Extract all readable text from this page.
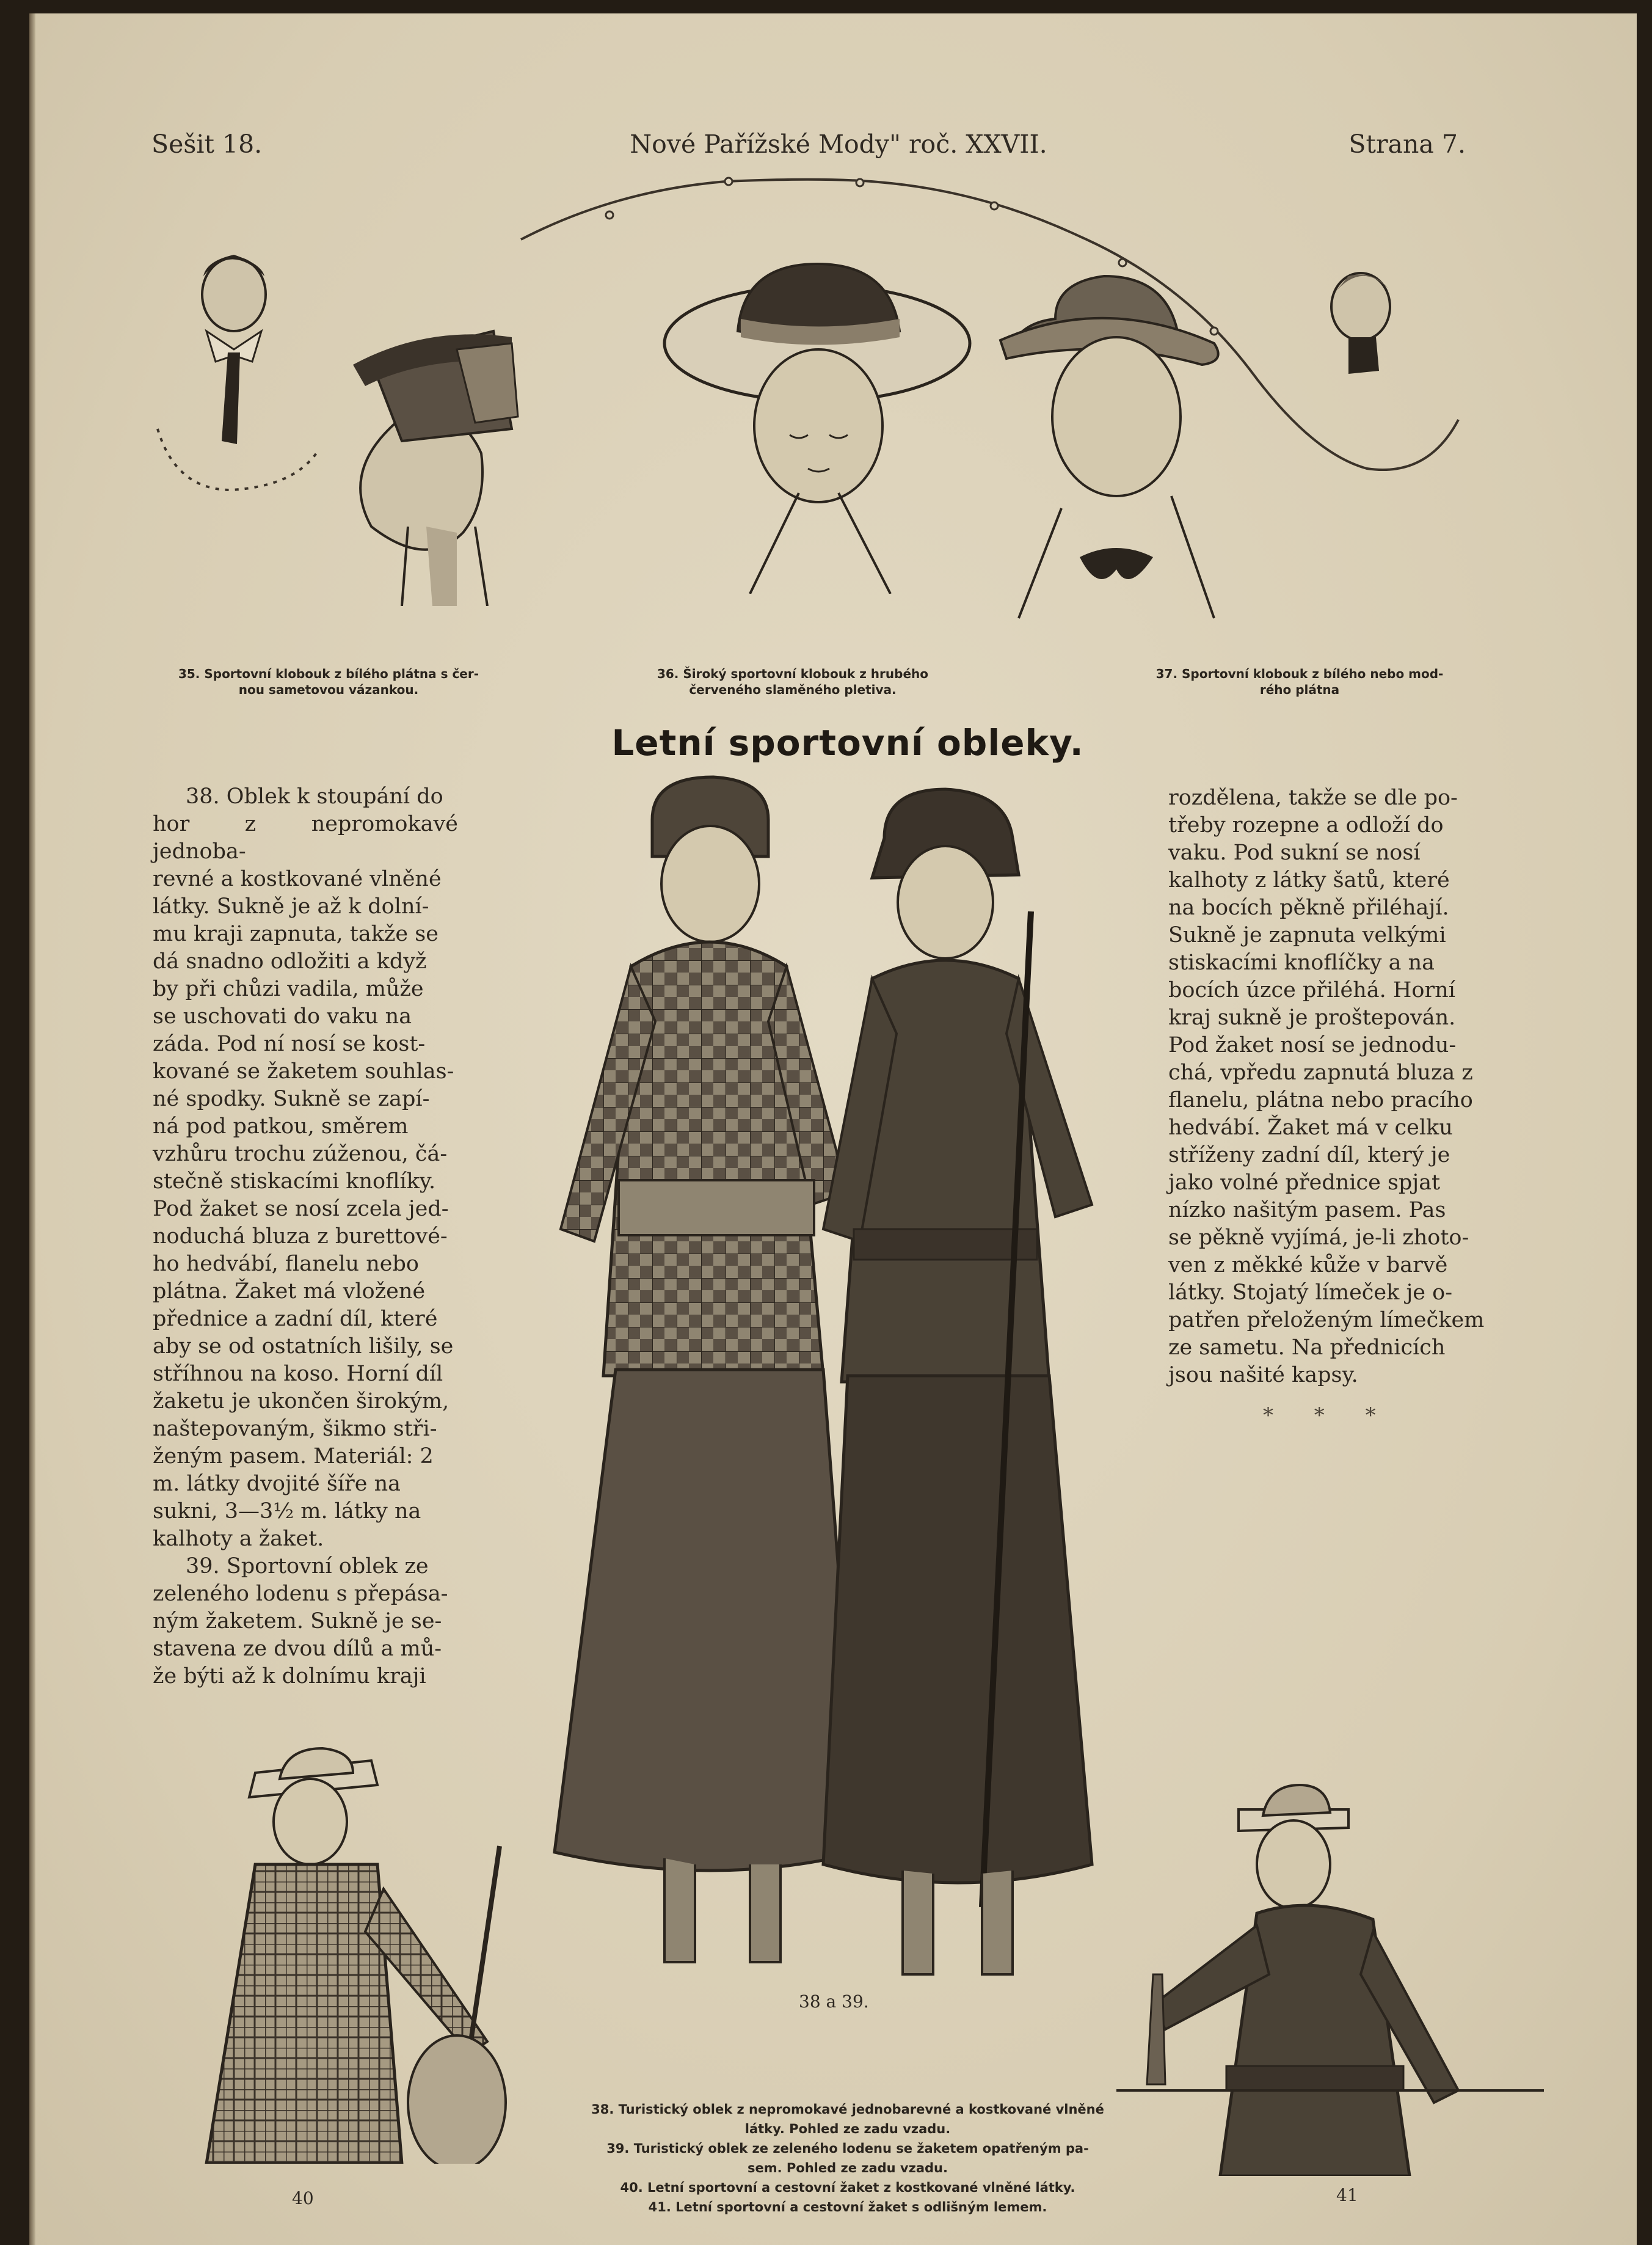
Sešit 18.	Nové Pařížské Mody" roč. XXVII.	Strana 7.
35. Sportovní klobouk z bílého plátna s čer-
nou sametovou vázankou.
36. Široký sportovní klobouk z hrubého
červeného slaměného pletiva.
37. Sportovní klobouk z bílého nebo mod-
rého plátna
Letní sportovní obleky.

38. Oblek k stoupání do

hor z nepromokavé jednoba-

revné a kostkované vlněné

látky. Sukně je až k dolní-

mu kraji zapnuta, takže se

dá snadno odložiti a když

by při chůzi vadila, může

se uschovati do vaku na

záda. Pod ní nosí se kost-

kované se žaketem souhlas-

né spodky. Sukně se zapí-

ná pod patkou, směrem

vzhůru trochu zúženou, čá-

stečně stiskacími knoflíky.

Pod žaket se nosí zcela jed-

noduchá bluza z burettové-

ho hedvábí, flanelu nebo

plátna. Žaket má vložené

přednice a zadní díl, které

aby se od ostatních lišily, se

stříhnou na koso. Horní díl

žaketu je ukončen širokým,

naštepovaným, šikmo stři-

ženým pasem. Materiál: 2

m. látky dvojité šíře na

sukni, 3—3½ m. látky na

kalhoty a žaket.

39. Sportovní oblek ze

zeleného lodenu s přepása-

ným žaketem. Sukně je se-

stavena ze dvou dílů a mů-

že býti až k dolnímu kraji

rozdělena, takže se dle po-

třeby rozepne a odloží do

vaku. Pod sukní se nosí

kalhoty z látky šatů, které

na bocích pěkně přiléhají.

Sukně je zapnuta velkými

stiskacími knoflíčky a na

bocích úzce přiléhá. Horní

kraj sukně je proštepován.

Pod žaket nosí se jednodu-

chá, vpředu zapnutá bluza z

flanelu, plátna nebo pracího

hedvábí. Žaket má v celku

stříženy zadní díl, který je

jako volné přednice spjat

nízko našitým pasem. Pas

se pěkně vyjímá, je-li zhoto-

ven z měkké kůže v barvě

látky. Stojatý límeček je o-

patřen přeloženým límečkem

ze sametu. Na přednicích

jsou našité kapsy.

* * *
38 a 39.
40	41

38. Turistický oblek z nepromokavé jednobarevné a kostkované vlněné

látky. Pohled ze zadu vzadu.

39. Turistický oblek ze zeleného lodenu se žaketem opatřeným pa-

sem. Pohled ze zadu vzadu.

40. Letní sportovní a cestovní žaket z kostkované vlněné látky.

41. Letní sportovní a cestovní žaket s odlišným lemem.
